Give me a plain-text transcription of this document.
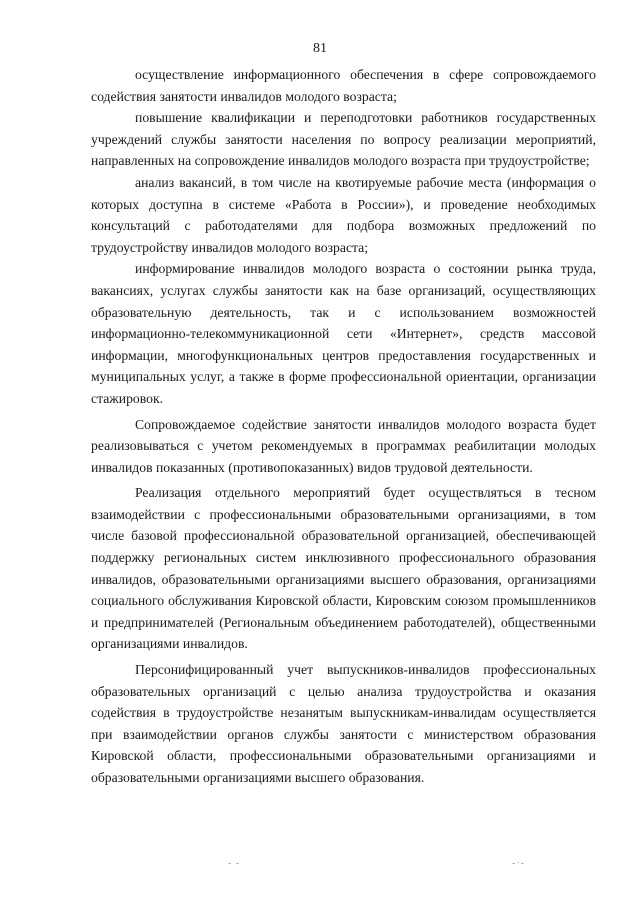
81

осуществление информационного обеспечения в сфере сопровождаемого содействия занятости инвалидов молодого возраста;

повышение квалификации и переподготовки работников государственных учреждений службы занятости населения по вопросу реализации мероприятий, направленных на сопровождение инвалидов молодого возраста при трудоустройстве;

анализ вакансий, в том числе на квотируемые рабочие места (информация о которых доступна в системе «Работа в России»), и проведение необходимых консультаций с работодателями для подбора возможных предложений по трудоустройству инвалидов молодого возраста;

информирование инвалидов молодого возраста о состоянии рынка труда, вакансиях, услугах службы занятости как на базе организаций, осуществляющих образовательную деятельность, так и с использованием возможностей информационно-телекоммуникационной сети «Интернет», средств массовой информации, многофункциональных центров предоставления государственных и муниципальных услуг, а также в форме профессиональной ориентации, организации стажировок.

Сопровождаемое содействие занятости инвалидов молодого возраста будет реализовываться с учетом рекомендуемых в программах реабилитации молодых инвалидов показанных (противопоказанных) видов трудовой деятельности.

Реализация отдельного мероприятий будет осуществляться в тесном взаимодействии с профессиональными образовательными организациями, в том числе базовой профессиональной образовательной организацией, обеспечивающей поддержку региональных систем инклюзивного профессионального образования инвалидов, образовательными организациями высшего образования, организациями социального обслуживания Кировской области, Кировским союзом промышленников и предпринимателей (Региональным объединением работодателей), общественными организациями инвалидов.

Персонифицированный учет выпускников-инвалидов профессиональных образовательных организаций с целью анализа трудоустройства и оказания содействия в трудоустройстве незанятым выпускникам-инвалидам осуществляется при взаимодействии органов службы занятости с министерством образования Кировской области, профессиональными образовательными организациями и образовательными организациями высшего образования.

- -	-·-
